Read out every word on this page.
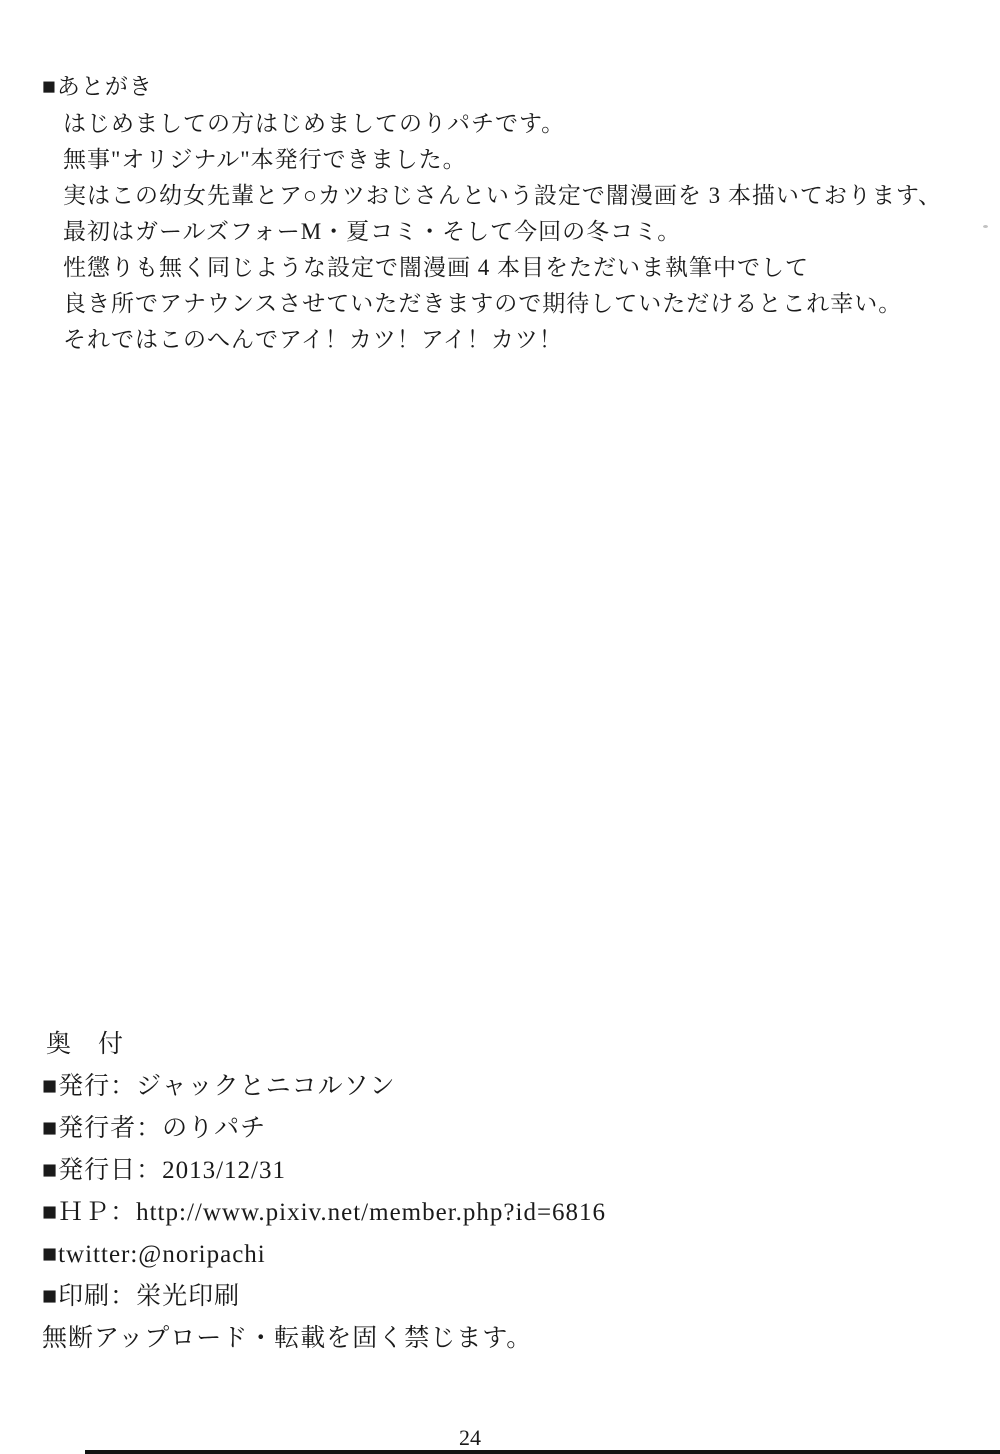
■あとがき
はじめましての方はじめましてのりパチです。
無事"オリジナル"本発行できました。
実はこの幼女先輩とア○カツおじさんという設定で闇漫画を 3 本描いております、
最初はガールズフォーM・夏コミ・そして今回の冬コミ。
性懲りも無く同じような設定で闇漫画 4 本目をただいま執筆中でして
良き所でアナウンスさせていただきますので期待していただけるとこれ幸い。
それではこのへんでアイ！カツ！アイ！カツ！
奥　付
■発行：ジャックとニコルソン
■発行者：のりパチ
■発行日：2013/12/31
■ＨＰ：http://www.pixiv.net/member.php?id=6816
■twitter:@noripachi
■印刷：栄光印刷
無断アップロード・転載を固く禁じます。
24
